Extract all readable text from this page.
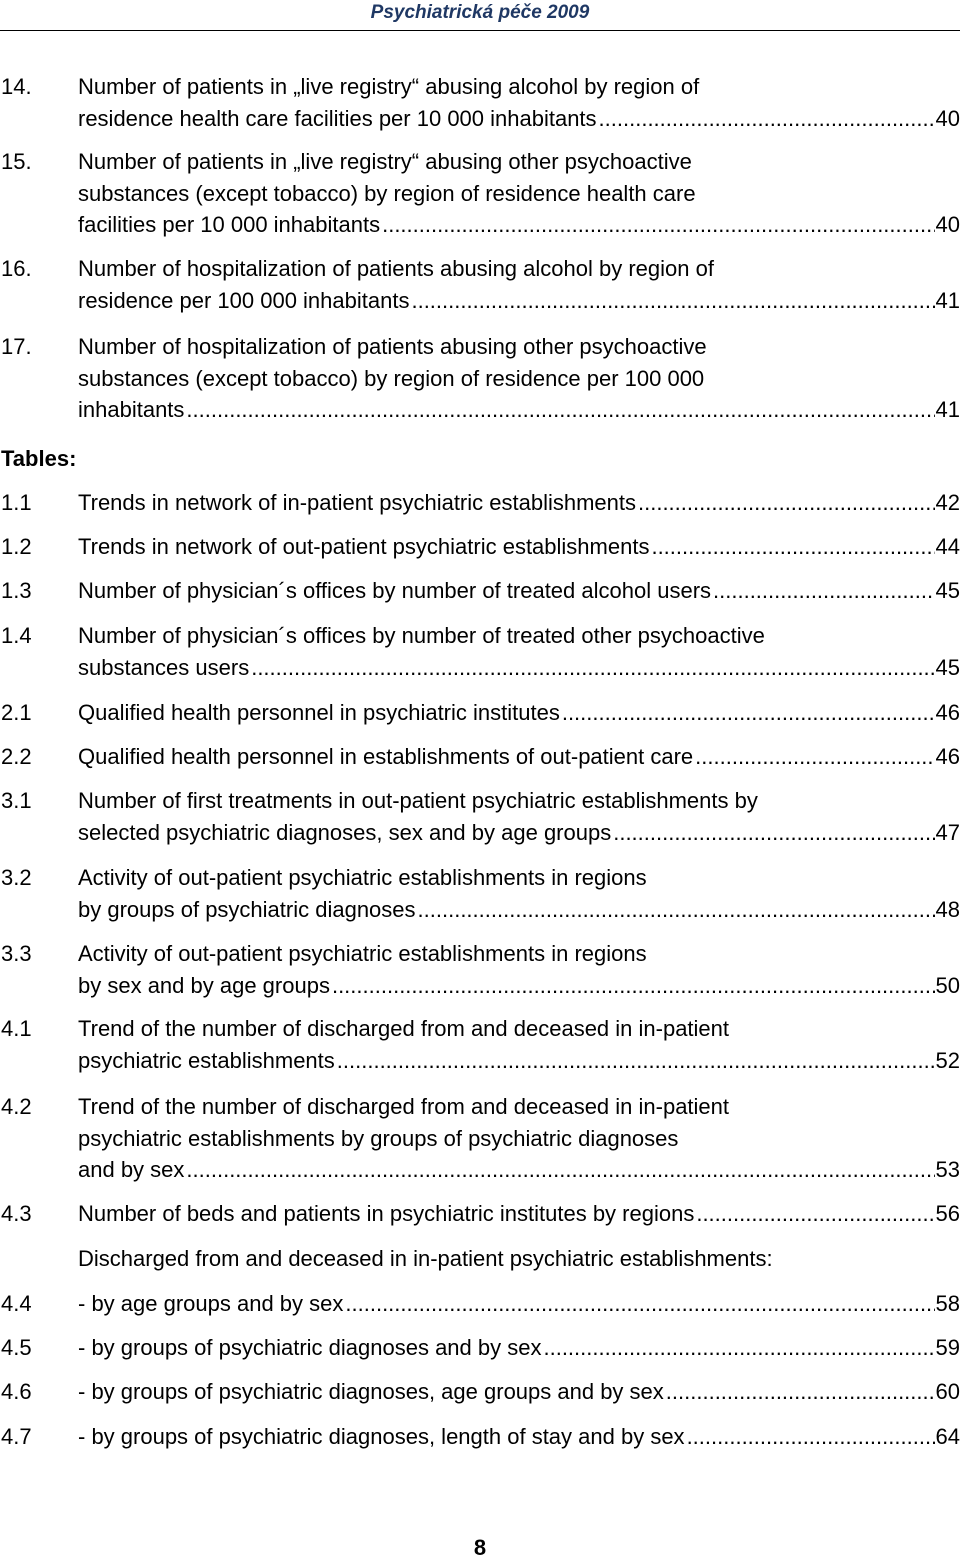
Psychiatrická péče 2009
14. Number of patients in „live registry“ abusing alcohol by region of
residence health care facilities per 10 000 inhabitants .....	40
15. Number of patients in „live registry“ abusing other psychoactive
substances (except tobacco) by region of residence health care
facilities per 10 000 inhabitants .....	40
16. Number of hospitalization of patients abusing alcohol by region of
residence per 100 000 inhabitants .....	41
17. Number of hospitalization of patients abusing other psychoactive
substances (except tobacco) by region of residence per 100 000
inhabitants .....	41
1.1 Trends in network of in-patient psychiatric establishments .....	42
1.2 Trends in network of out-patient psychiatric establishments .....	44
1.3 Number of physician´s offices by number of treated alcohol users .....	45
1.4 Number of physician´s offices by number of treated other psychoactive
substances users .....	45
2.1 Qualified health personnel in psychiatric institutes .....	46
2.2 Qualified health personnel in establishments of out-patient care .....	46
3.1 Number of first treatments in out-patient psychiatric establishments by
selected psychiatric diagnoses, sex and by age groups .....	47
3.2 Activity of out-patient psychiatric establishments in regions
by groups of psychiatric diagnoses .....	48
3.3 Activity of out-patient psychiatric establishments in regions
by sex and by age groups .....	50
4.1 Trend of the number of discharged from and deceased in in-patient
psychiatric establishments .....	52
4.2 Trend of the number of discharged from and deceased in in-patient
psychiatric establishments by groups of psychiatric diagnoses
and by sex .....	53
4.3 Number of beds and patients in psychiatric institutes by regions .....	56
4.4 - by age groups and by sex .....	58
4.5 - by groups of psychiatric diagnoses and by sex .....	59
4.6 - by groups of psychiatric diagnoses, age groups and by sex .....	60
4.7 - by groups of psychiatric diagnoses, length of stay and by sex .....	64
Tables:
8
Discharged from and deceased in in-patient psychiatric establishments:
